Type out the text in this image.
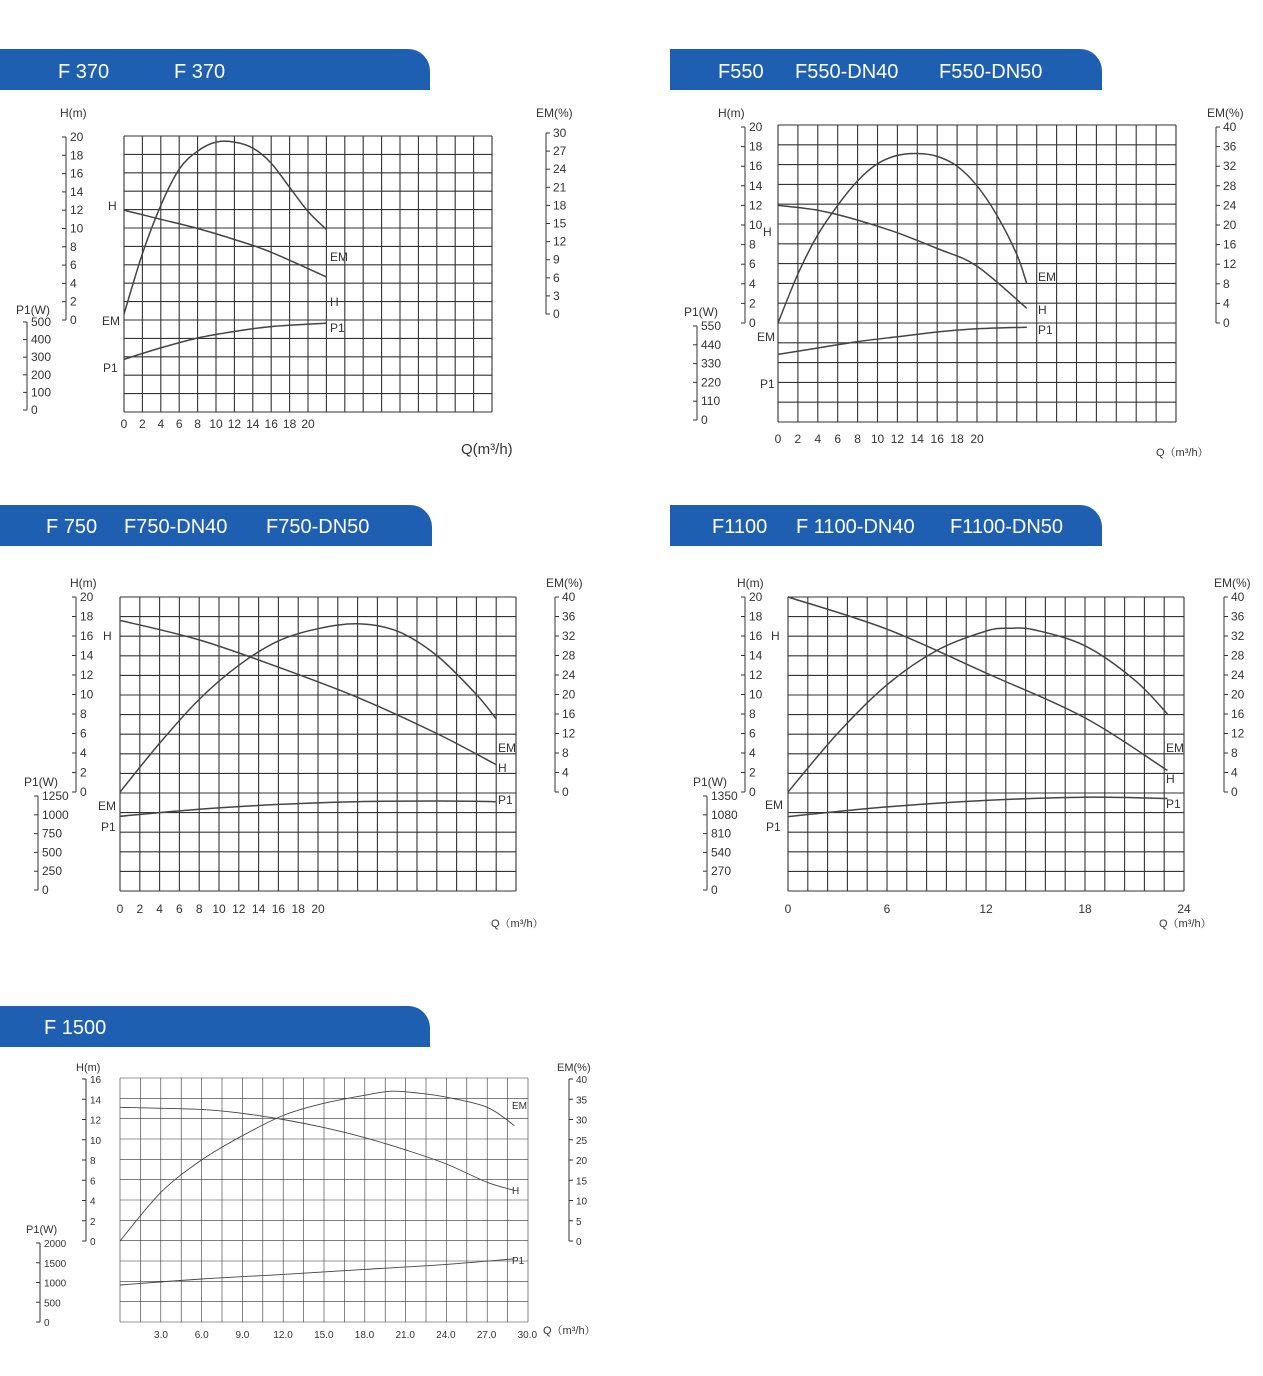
F 370	F 370
20
18
16
14
12
10
8
6
4
2
0
H(m)
30
27
24
21
18
15
12
9
6
3
0
EM(%)
500
400
300
200
100
0
P1(W)
0 2 4 6 8 10 12 14 16 18 20
Q(m³/h)
EM
H
P1
EM
H
P1
F550 F550-DN40 F550-DN50
20
18
16
14
12
10
8
6
4
2
0
H(m)
40
36
32
28
24
20
16
12
8
4
0
EM(%)
550
440
330
220
110
0
P1(W)
0 2 4 6 8 10 12 14 16 18 20
Q（m³/h）
EM
H
P1
EM
H
P1
F 750 F750-DN40 F750-DN50
20
18
16
14
12
10
8
6
4
2
0
H(m)
40
36
32
28
24
20
16
12
8
4
0
EM(%)
1250
1000
750
500
250
0
P1(W)
0 2 4 6 8 10 12 14 16 18 20
Q（m³/h）
EM
H
P1
EM
H
P1
F1100 F 1100-DN40 F1100-DN50
20
18
16
14
12
10
8
6
4
2
0
H(m)
40
36
32
28
24
20
16
12
8
4
0
EM(%)
1350
1080
810
540
270
0
P1(W)
0	6	12	18	24
Q（m³/h）
EM
H
P1
EM
H
P1
F 1500
16
14
12
10
8
6
4
2
0
H(m)
40
35
30
25
20
15
10
5
0
EM(%)
2000
1500
1000
500
0
P1(W)
3.0	6.0	9.0 12.0 15.0 18.0 21.0 24.0 27.0 30.0 Q（m³/h）
EM
H
P1
